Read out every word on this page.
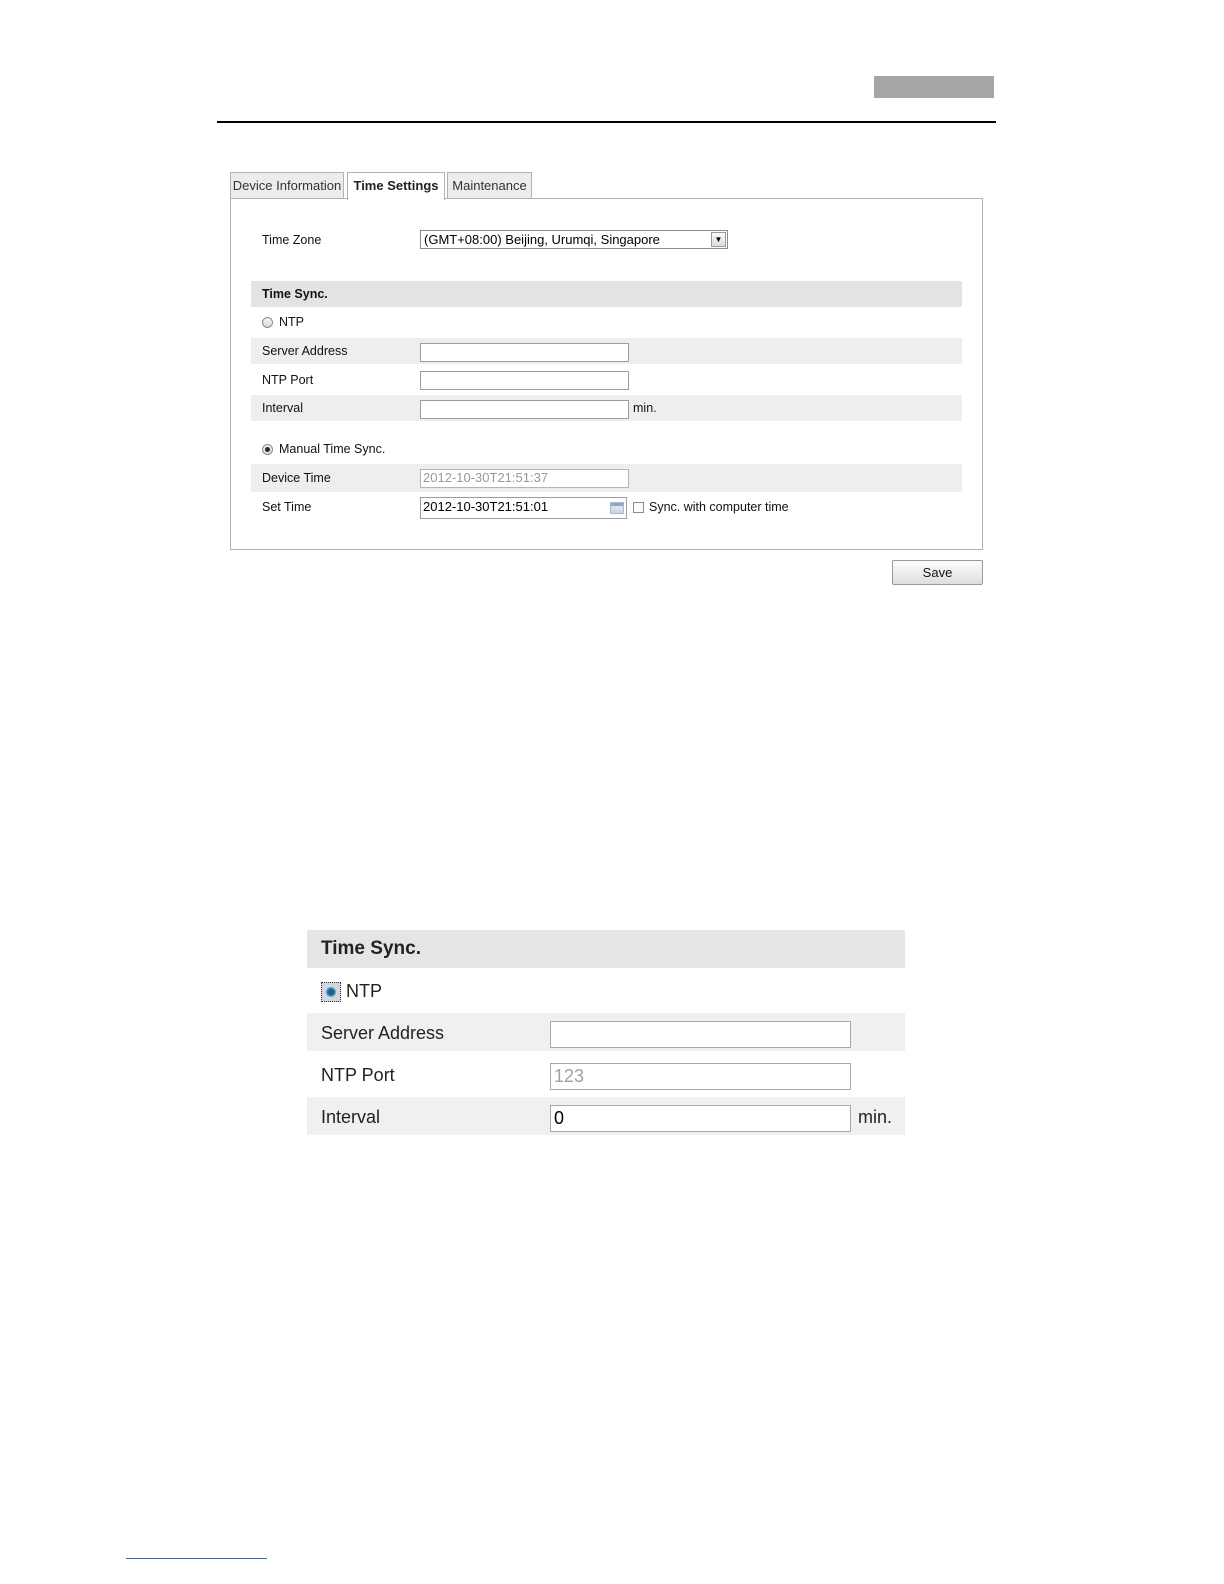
Device Information Time Settings	Maintenance
Time Zone	(GMT+08:00) Beijing, Urumqi, Singapore	▼
Time Sync.
NTP
Server Address
NTP Port
Interval	min.
Manual Time Sync.
Device Time	2012-10-30T21:51:37
Set Time	2012-10-30T21:51:01	Sync. with computer time
Save
Time Sync.
NTP
Server Address
NTP Port	123
Interval	0	min.
